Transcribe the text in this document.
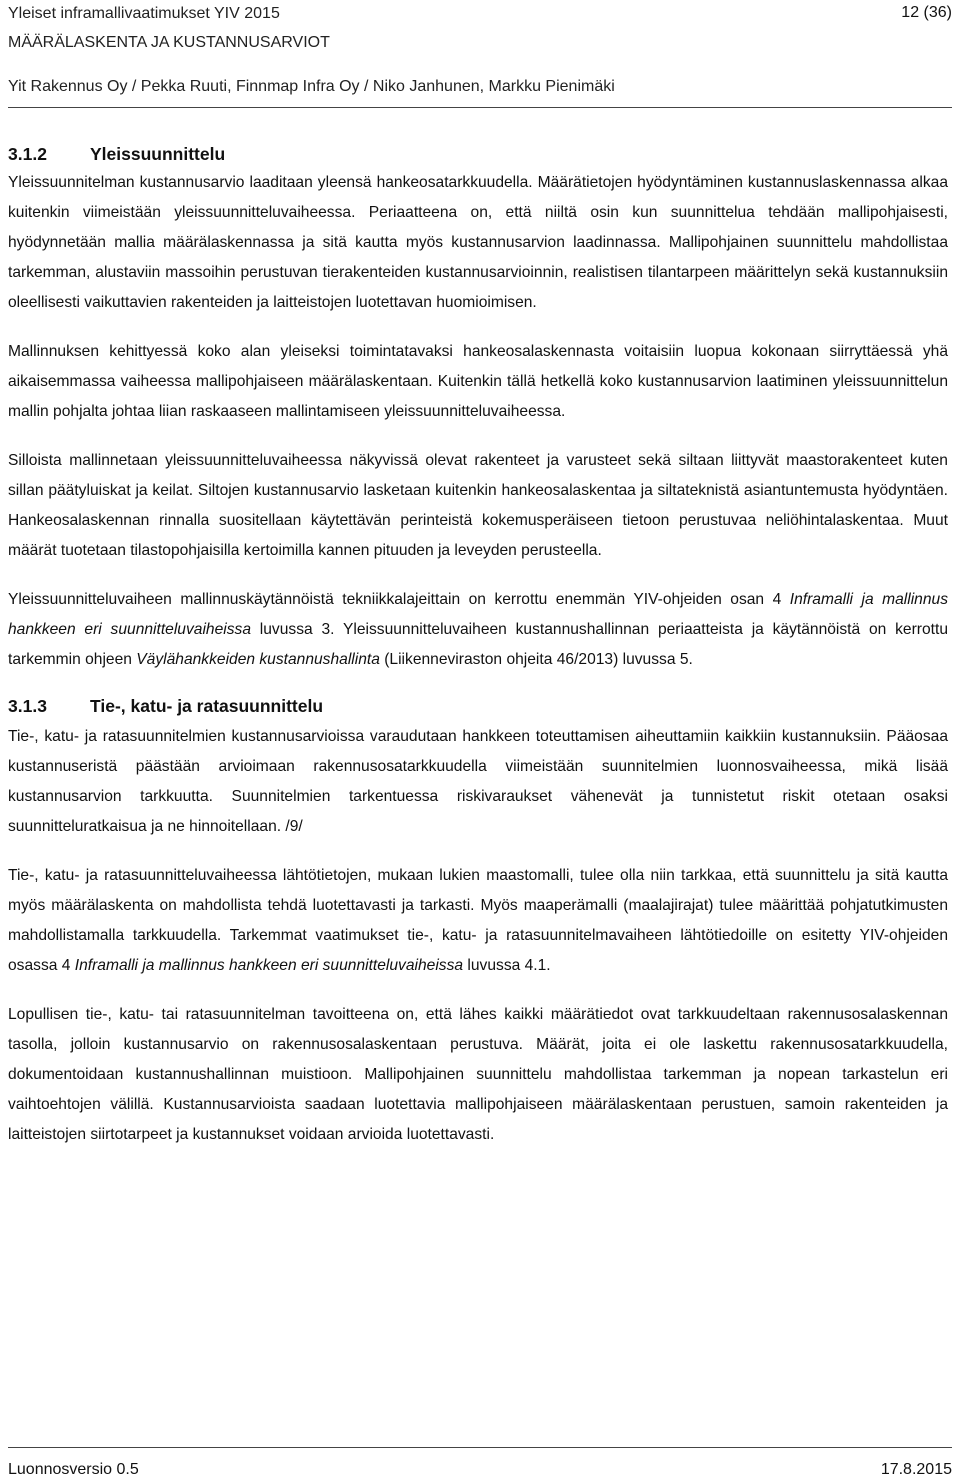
Yleiset inframallivaatimukset YIV 2015	12 (36)
MÄÄRÄLASKENTA JA KUSTANNUSARVIOT
Yit Rakennus Oy / Pekka Ruuti, Finnmap Infra Oy / Niko Janhunen, Markku Pienimäki
3.1.2 Yleissuunnittelu

Yleissuunnitelman kustannusarvio laaditaan yleensä hankeosatarkkuudella. Määrätietojen hyödyntäminen kustannuslaskennassa alkaa kuitenkin viimeistään yleissuunnitteluvaiheessa. Periaatteena on, että niiltä osin kun suunnittelua tehdään mallipohjaisesti, hyödynnetään mallia määrälaskennassa ja sitä kautta myös kustannusarvion laadinnassa. Mallipohjainen suunnittelu mahdollistaa tarkemman, alustaviin massoihin perustuvan tierakenteiden kustannusarvioinnin, realistisen tilantarpeen määrittelyn sekä kustannuksiin oleellisesti vaikuttavien rakenteiden ja laitteistojen luotettavan huomioimisen.

Mallinnuksen kehittyessä koko alan yleiseksi toimintatavaksi hankeosalaskennasta voitaisiin luopua kokonaan siirryttäessä yhä aikaisemmassa vaiheessa mallipohjaiseen määrälaskentaan. Kuitenkin tällä hetkellä koko kustannusarvion laatiminen yleissuunnittelun mallin pohjalta johtaa liian raskaaseen mallintamiseen yleissuunnitteluvaiheessa.

Silloista mallinnetaan yleissuunnitteluvaiheessa näkyvissä olevat rakenteet ja varusteet sekä siltaan liittyvät maastorakenteet kuten sillan päätyluiskat ja keilat. Siltojen kustannusarvio lasketaan kuitenkin hankeosalaskentaa ja siltateknistä asiantuntemusta hyödyntäen. Hankeosalaskennan rinnalla suositellaan käytettävän perinteistä kokemusperäiseen tietoon perustuvaa neliöhintalaskentaa. Muut määrät tuotetaan tilastopohjaisilla kertoimilla kannen pituuden ja leveyden perusteella.

Yleissuunnitteluvaiheen mallinnuskäytännöistä tekniikkalajeittain on kerrottu enemmän YIV-ohjeiden osan 4 Inframalli ja mallinnus hankkeen eri suunnitteluvaiheissa luvussa 3. Yleissuunnitteluvaiheen kustannushallinnan periaatteista ja käytännöistä on kerrottu tarkemmin ohjeen Väylähankkeiden kustannushallinta (Liikenneviraston ohjeita 46/2013) luvussa 5.

3.1.3 Tie-, katu- ja ratasuunnittelu

Tie-, katu- ja ratasuunnitelmien kustannusarvioissa varaudutaan hankkeen toteuttamisen aiheuttamiin kaikkiin kustannuksiin. Pääosaa kustannuseristä päästään arvioimaan rakennusosatarkkuudella viimeistään suunnitelmien luonnosvaiheessa, mikä lisää kustannusarvion tarkkuutta. Suunnitelmien tarkentuessa riskivaraukset vähenevät ja tunnistetut riskit otetaan osaksi suunnitteluratkaisua ja ne hinnoitellaan. /9/

Tie-, katu- ja ratasuunnitteluvaiheessa lähtötietojen, mukaan lukien maastomalli, tulee olla niin tarkkaa, että suunnittelu ja sitä kautta myös määrälaskenta on mahdollista tehdä luotettavasti ja tarkasti. Myös maaperämalli (maalajirajat) tulee määrittää pohjatutkimusten mahdollistamalla tarkkuudella. Tarkemmat vaatimukset tie-, katu- ja ratasuunnitelmavaiheen lähtötiedoille on esitetty YIV-ohjeiden osassa 4 Inframalli ja mallinnus hankkeen eri suunnitteluvaiheissa luvussa 4.1.

Lopullisen tie-, katu- tai ratasuunnitelman tavoitteena on, että lähes kaikki määrätiedot ovat tarkkuudeltaan rakennusosalaskennan tasolla, jolloin kustannusarvio on rakennusosalaskentaan perustuva. Määrät, joita ei ole laskettu rakennusosatarkkuudella, dokumentoidaan kustannushallinnan muistioon. Mallipohjainen suunnittelu mahdollistaa tarkemman ja nopean tarkastelun eri vaihtoehtojen välillä. Kustannusarvioista saadaan luotettavia mallipohjaiseen määrälaskentaan perustuen, samoin rakenteiden ja laitteistojen siirtotarpeet ja kustannukset voidaan arvioida luotettavasti.

Luonnosversio 0.5	17.8.2015
